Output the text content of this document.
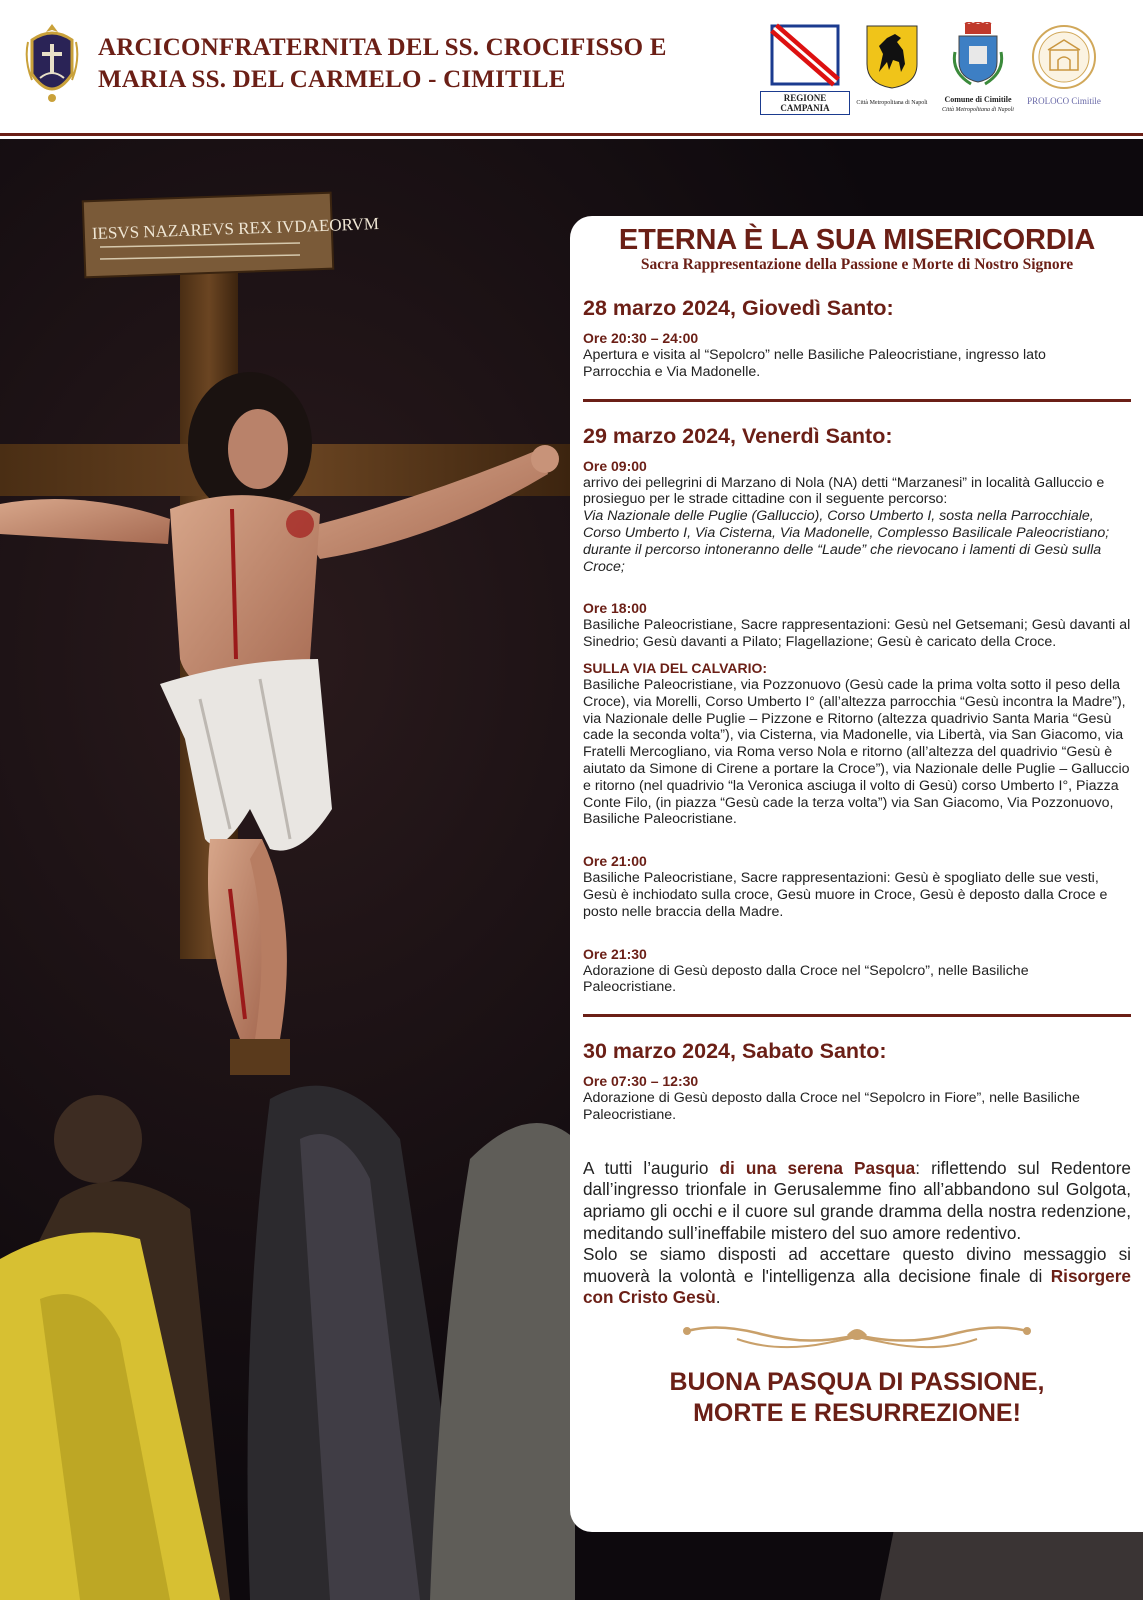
ARCICONFRATERNITA DEL SS. CROCIFISSO E
MARIA SS. DEL CARMELO - CIMITILE
REGIONE CAMPANIA	Città Metropolitana di Napoli	Comune di Cimitile
Città Metropolitana di Napoli
PROLOCO Cimitile
IESVS NAZAREVS REX IVDAEORVM	ETERNA È LA SUA MISERICORDIA
Sacra Rappresentazione della Passione e Morte di Nostro Signore
28 marzo 2024, Giovedì Santo:
Ore 20:30 – 24:00
Apertura e visita al “Sepolcro” nelle Basiliche Paleocristiane, ingresso lato Parrocchia e Via Madonelle.
29 marzo 2024, Venerdì Santo:
Ore 09:00
arrivo dei pellegrini di Marzano di Nola (NA) detti “Marzanesi” in località Galluccio e prosieguo per le strade cittadine con il seguente percorso:
Via Nazionale delle Puglie (Galluccio), Corso Umberto I, sosta nella Parrocchiale, Corso Umberto I, Via Cisterna, Via Madonelle, Complesso Basilicale Paleocristiano; durante il percorso intoneranno delle “Laude” che rievocano i lamenti di Gesù sulla Croce;
Ore 18:00
Basiliche Paleocristiane, Sacre rappresentazioni: Gesù nel Getsemani; Gesù davanti al Sinedrio; Gesù davanti a Pilato; Flagellazione; Gesù è caricato della Croce.
SULLA VIA DEL CALVARIO:
Basiliche Paleocristiane, via Pozzonuovo (Gesù cade la prima volta sotto il peso della Croce), via Morelli, Corso Umberto I° (all’altezza parrocchia “Gesù incontra la Madre”), via Nazionale delle Puglie – Pizzone e Ritorno (altezza quadrivio Santa Maria “Gesù cade la seconda volta”), via Cisterna, via Madonelle, via Libertà, via San Giacomo, via Fratelli Mercogliano, via Roma verso Nola e ritorno (all’altezza del quadrivio “Gesù è aiutato da Simone di Cirene a portare la Croce”), via Nazionale delle Puglie – Galluccio e ritorno (nel quadrivio “la Veronica asciuga il volto di Gesù) corso Umberto I°, Piazza Conte Filo, (in piazza “Gesù cade la terza volta”) via San Giacomo, Via Pozzonuovo, Basiliche Paleocristiane.
Ore 21:00
Basiliche Paleocristiane, Sacre rappresentazioni: Gesù è spogliato delle sue vesti, Gesù è inchiodato sulla croce, Gesù muore in Croce, Gesù è deposto dalla Croce e posto nelle braccia della Madre.
Ore 21:30
Adorazione di Gesù deposto dalla Croce nel “Sepolcro”, nelle Basiliche Paleocristiane.
30 marzo 2024, Sabato Santo:
Ore 07:30 – 12:30
Adorazione di Gesù deposto dalla Croce nel “Sepolcro in Fiore”, nelle Basiliche Paleocristiane.
A tutti l’augurio di una serena Pasqua: riflettendo sul Redentore dall’ingresso trionfale in Gerusalemme fino all’abbandono sul Golgota, apriamo gli occhi e il cuore sul grande dramma della nostra redenzione, meditando sull’ineffabile mistero del suo amore redentivo.
Solo se siamo disposti ad accettare questo divino messaggio si muoverà la volontà e l'intelligenza alla decisione finale di Risorgere con Cristo Gesù.
BUONA PASQUA DI PASSIONE,
MORTE E RESURREZIONE!
